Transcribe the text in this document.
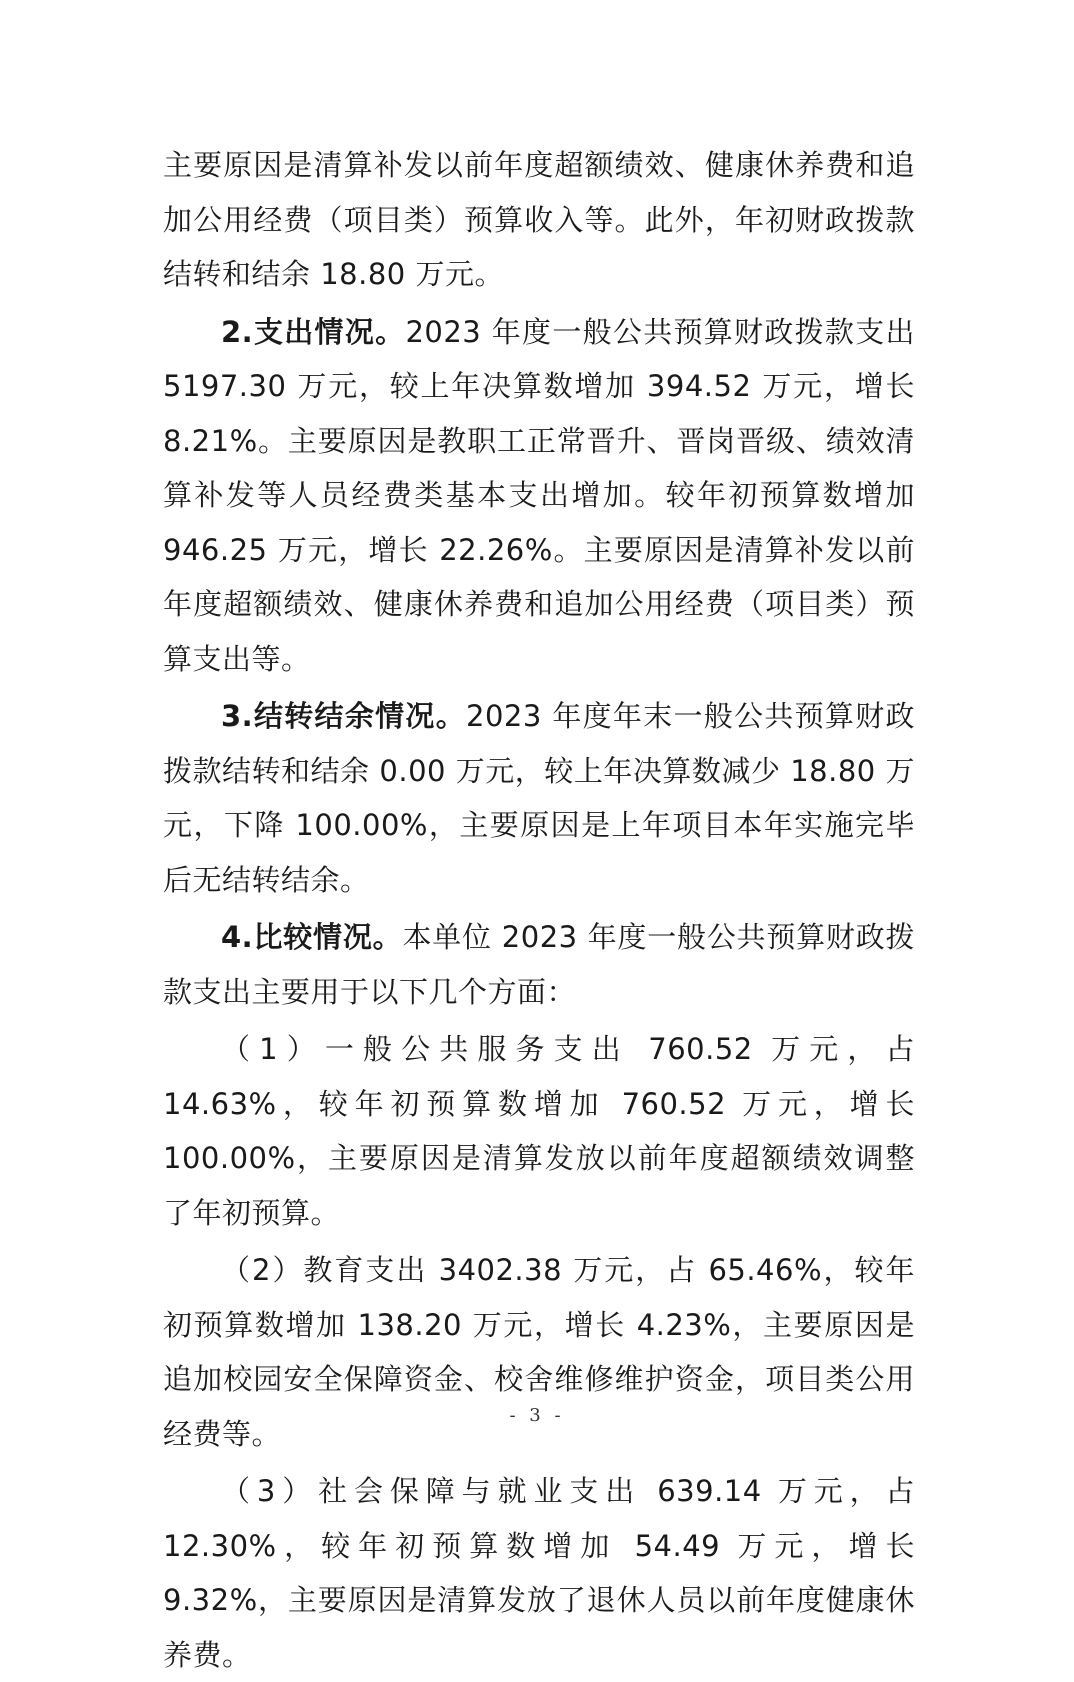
主要原因是清算补发以前年度超额绩效、健康休养费和追加公用经费（项目类）预算收入等。此外，年初财政拨款结转和结余 18.80 万元。

2.支出情况。2023 年度一般公共预算财政拨款支出 5197.30 万元，较上年决算数增加 394.52 万元，增长 8.21%。主要原因是教职工正常晋升、晋岗晋级、绩效清算补发等人员经费类基本支出增加。较年初预算数增加 946.25 万元，增长 22.26%。主要原因是清算补发以前年度超额绩效、健康休养费和追加公用经费（项目类）预算支出等。

3.结转结余情况。2023 年度年末一般公共预算财政拨款结转和结余 0.00 万元，较上年决算数减少 18.80 万元，下降 100.00%，主要原因是上年项目本年实施完毕后无结转结余。

4.比较情况。本单位 2023 年度一般公共预算财政拨款支出主要用于以下几个方面：

（1）一般公共服务支出 760.52 万元，占 14.63%，较年初预算数增加 760.52 万元，增长 100.00%，主要原因是清算发放以前年度超额绩效调整了年初预算。

（2）教育支出 3402.38 万元，占 65.46%，较年初预算数增加 138.20 万元，增长 4.23%，主要原因是追加校园安全保障资金、校舍维修维护资金，项目类公用经费等。

（3）社会保障与就业支出 639.14 万元，占 12.30%，较年初预算数增加 54.49 万元，增长 9.32%，主要原因是清算发放了退休人员以前年度健康休养费。

- 3 -
